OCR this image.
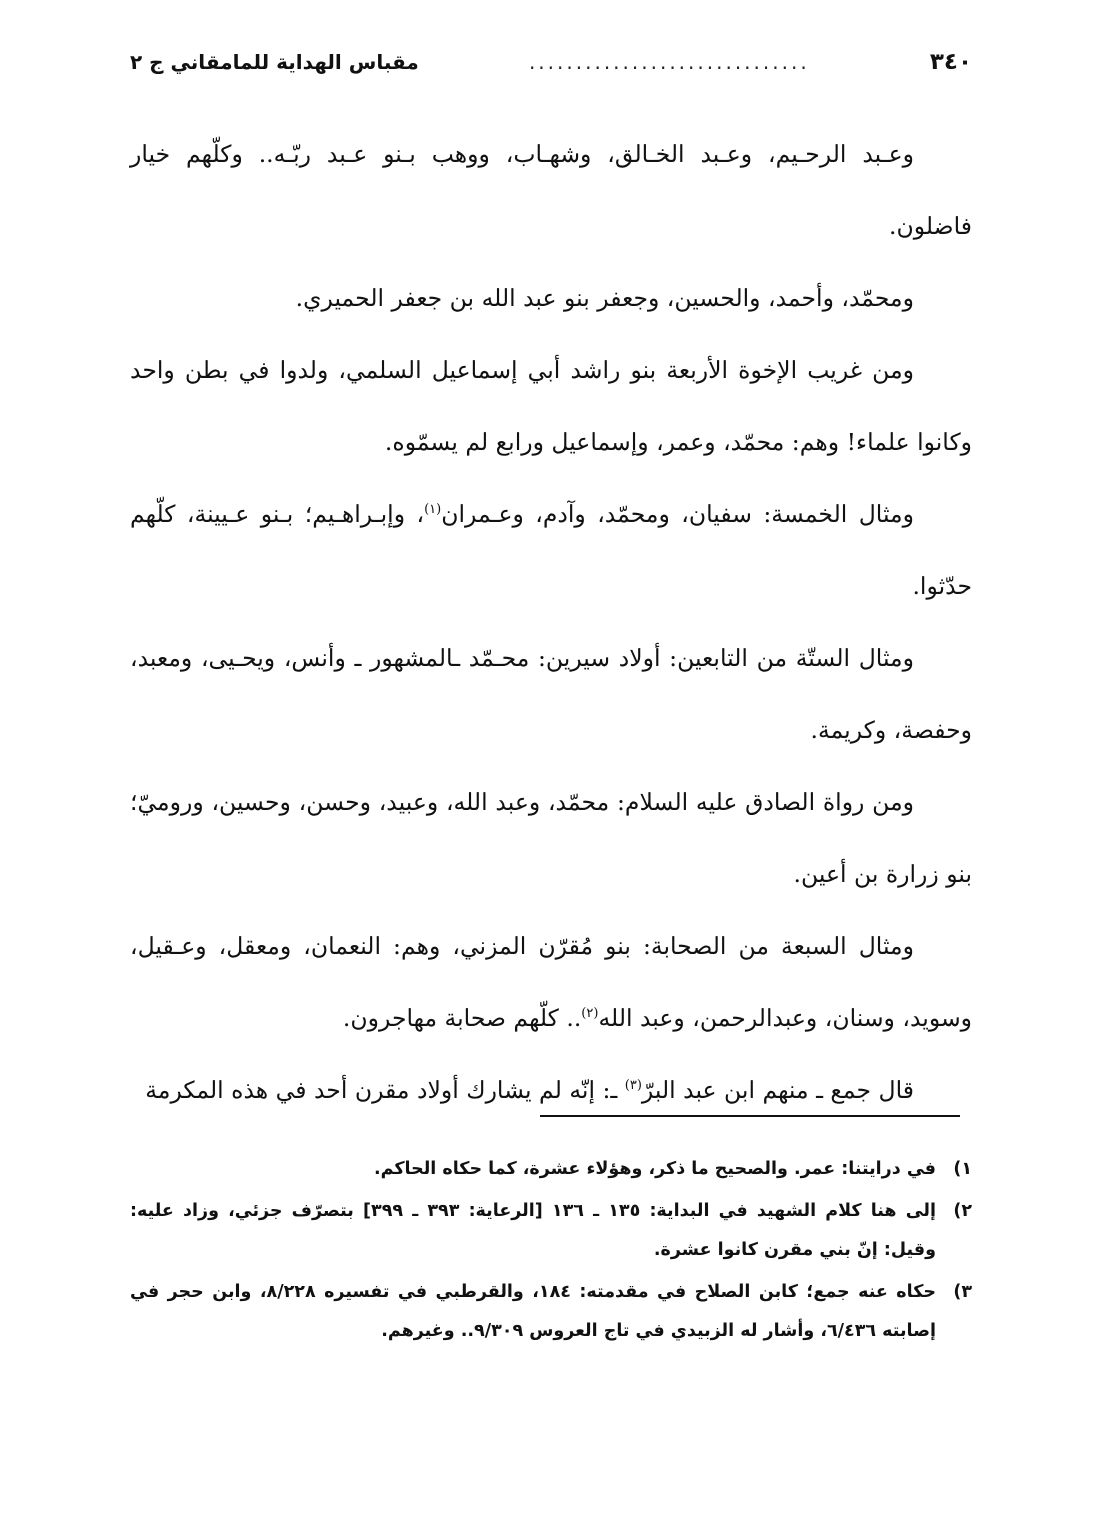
٣٤٠
..............................
مقباس الهداية للمامقاني ج ٢

وعـبد الرحـيم، وعـبد الخـالق، وشهـاب، ووهب بـنو عـبد ربّـه.. وكلّهم خيار فاضلون.

ومحمّد، وأحمد، والحسين، وجعفر بنو عبد الله بن جعفر الحميري.

ومن غريب الإخوة الأربعة بنو راشد أبي إسماعيل السلمي، ولدوا في بطن واحد وكانوا علماء! وهم: محمّد، وعمر، وإسماعيل ورابع لم يسمّوه.

ومثال الخمسة: سفيان، ومحمّد، وآدم، وعـمران$^{(١)}$، وإبـراهـيم؛ بـنو عـيينة، كلّهم حدّثوا.

ومثال الستّة من التابعين: أولاد سيرين: محـمّد ـالمشهور ـ وأنس، ويحـيى، ومعبد، وحفصة، وكريمة.

ومن رواة الصادق عليه السلام: محمّد، وعبد الله، وعبيد، وحسن، وحسين، وروميّ؛ بنو زرارة بن أعين.

ومثال السبعة من الصحابة: بنو مُقرّن المزني، وهم: النعمان، ومعقل، وعـقيل، وسويد، وسنان، وعبدالرحمن، وعبد الله$^{(٢)}$.. كلّهم صحابة مهاجرون.

قال جمع ـ منهم ابن عبد البرّ$^{(٣)}$ ـ: إنّه لم يشارك أولاد مقرن أحد في هذه المكرمة

١)
في درايتنا: عمر. والصحيح ما ذكر، وهؤلاء عشرة، كما حكاه الحاكم.
٢)
إلى هنا كلام الشهيد في البداية: ١٣٥ ـ ١٣٦ [الرعاية: ٣٩٣ ـ ٣٩٩] بتصرّف جزئي، وزاد عليه: وقيل: إنّ بني مقرن كانوا عشرة.
٣)
حكاه عنه جمع؛ كابن الصلاح في مقدمته: ١٨٤، والقرطبي في تفسيره ٨/٢٢٨، وابن حجر في إصابته ٦/٤٣٦، وأشار له الزبيدي في تاج العروس ٩/٣٠٩.. وغيرهم.
